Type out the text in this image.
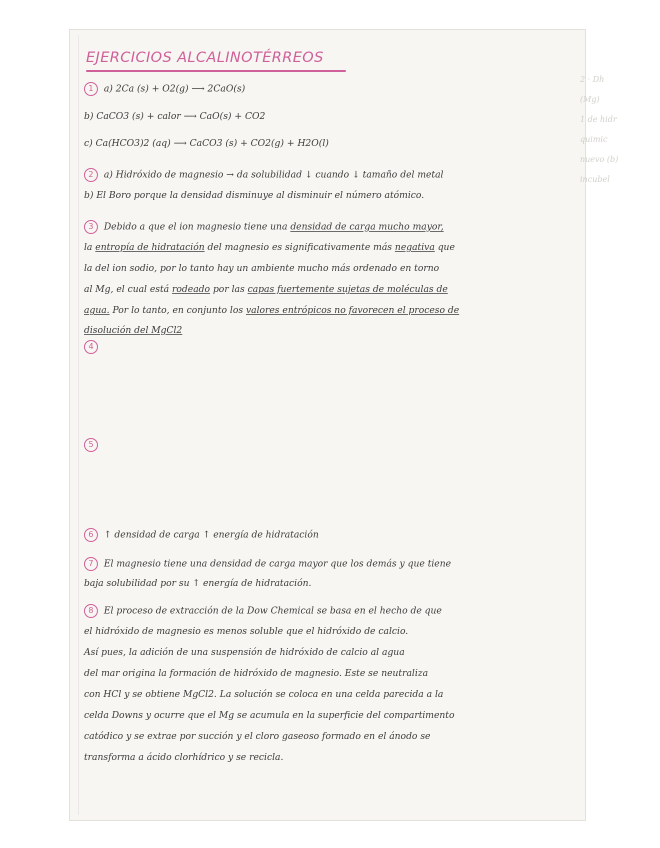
2 · Dh
(Mg)
1 de hidr
quimic
nuevo (b)
incubel
EJERCICIOS ALCALINOTÉRREOS
1 a) 2Ca (s) + O2(g) ⟶ 2CaO(s)
b) CaCO3 (s) + calor ⟶ CaO(s) + CO2
c) Ca(HCO3)2 (aq) ⟶ CaCO3 (s) + CO2(g) + H2O(l)
2 a) Hidróxido de magnesio → da solubilidad ↓ cuando ↓ tamaño del metal
b) El Boro porque la densidad disminuye al disminuir el número atómico.
3 Debido a que el ion magnesio tiene una densidad de carga mucho mayor,
la entropía de hidratación del magnesio es significativamente más negativa que
la del ion sodio, por lo tanto hay un ambiente mucho más ordenado en torno
al Mg, el cual está rodeado por las capas fuertemente sujetas de moléculas de
agua. Por lo tanto, en conjunto los valores entrópicos no favorecen el proceso de
disolución del MgCl2
4
5
6 ↑ densidad de carga ↑ energía de hidratación
7 El magnesio tiene una densidad de carga mayor que los demás y que tiene
baja solubilidad por su ↑ energía de hidratación.
8 El proceso de extracción de la Dow Chemical se basa en el hecho de que
el hidróxido de magnesio es menos soluble que el hidróxido de calcio.
Así pues, la adición de una suspensión de hidróxido de calcio al agua
del mar origina la formación de hidróxido de magnesio. Este se neutraliza
con HCl y se obtiene MgCl2. La solución se coloca en una celda parecida a la
celda Downs y ocurre que el Mg se acumula en la superficie del compartimento
catódico y se extrae por succión y el cloro gaseoso formado en el ánodo se
transforma a ácido clorhídrico y se recicla.
